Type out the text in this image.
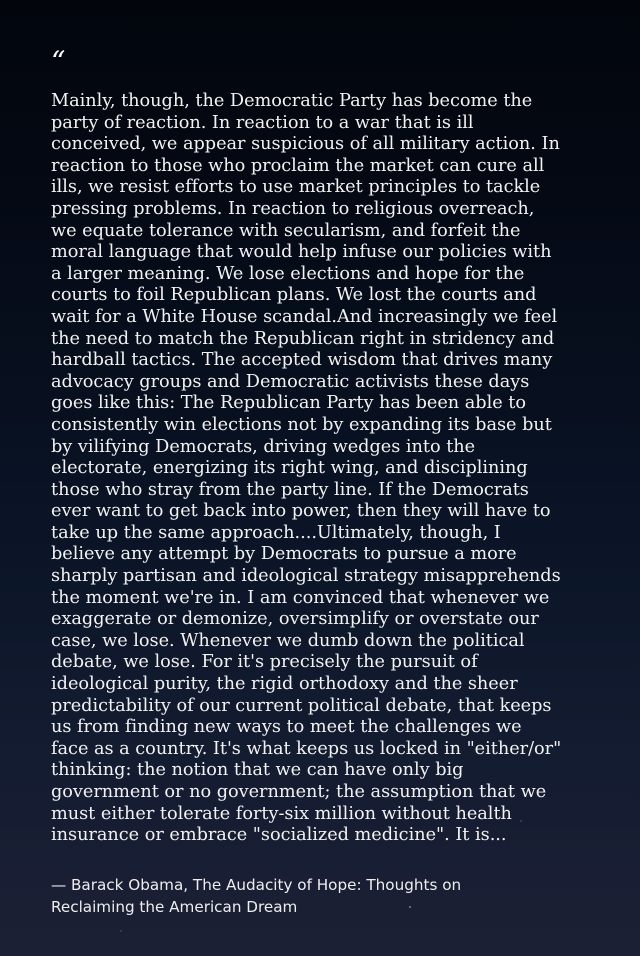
“

Mainly, though, the Democratic Party has become the
party of reaction. In reaction to a war that is ill
conceived, we appear suspicious of all military action. In
reaction to those who proclaim the market can cure all
ills, we resist efforts to use market principles to tackle
pressing problems. In reaction to religious overreach,
we equate tolerance with secularism, and forfeit the
moral language that would help infuse our policies with
a larger meaning. We lose elections and hope for the
courts to foil Republican plans. We lost the courts and
wait for a White House scandal.And increasingly we feel
the need to match the Republican right in stridency and
hardball tactics. The accepted wisdom that drives many
advocacy groups and Democratic activists these days
goes like this: The Republican Party has been able to
consistently win elections not by expanding its base but
by vilifying Democrats, driving wedges into the
electorate, energizing its right wing, and disciplining
those who stray from the party line. If the Democrats
ever want to get back into power, then they will have to
take up the same approach....Ultimately, though, I
believe any attempt by Democrats to pursue a more
sharply partisan and ideological strategy misapprehends
the moment we're in. I am convinced that whenever we
exaggerate or demonize, oversimplify or overstate our
case, we lose. Whenever we dumb down the political
debate, we lose. For it's precisely the pursuit of
ideological purity, the rigid orthodoxy and the sheer
predictability of our current political debate, that keeps
us from finding new ways to meet the challenges we
face as a country. It's what keeps us locked in "either/or"
thinking: the notion that we can have only big
government or no government; the assumption that we
must either tolerate forty-six million without health
insurance or embrace "socialized medicine". It is...

— Barack Obama, The Audacity of Hope: Thoughts on
Reclaiming the American Dream
